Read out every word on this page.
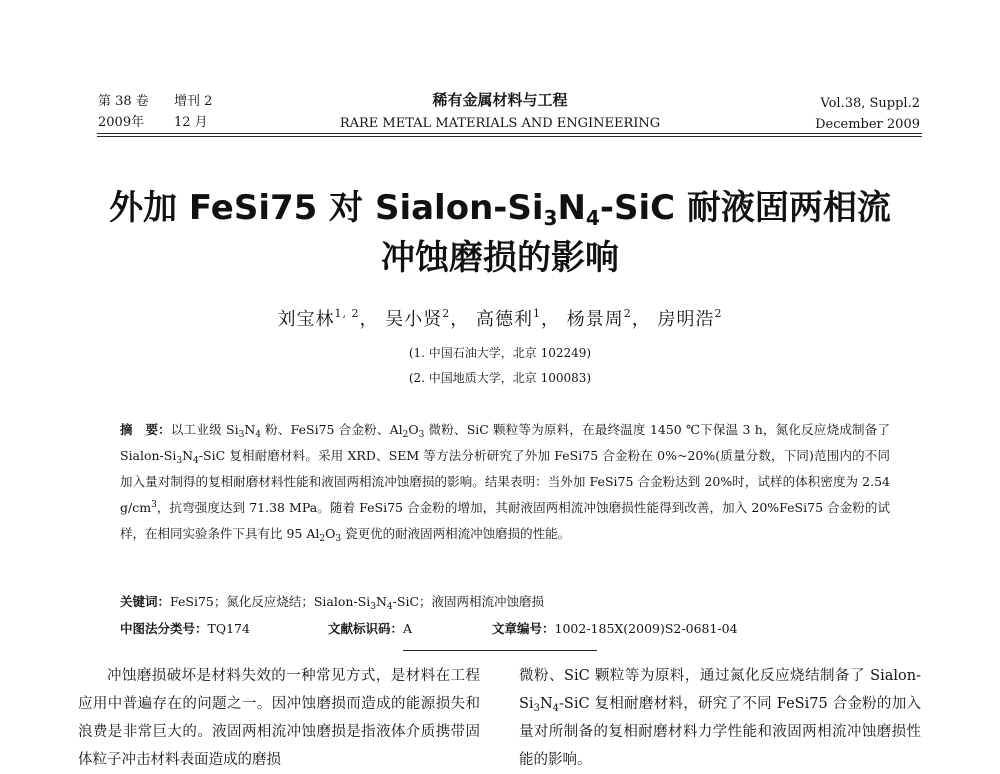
第 38 卷 增刊 2
2009年 12 月
稀有金属材料与工程
RARE METAL MATERIALS AND ENGINEERING
Vol.38, Suppl.2
December 2009
外加 FeSi75 对 Sialon-$Si_3N_4$-SiC 耐液固两相流
冲蚀磨损的影响
刘宝林$^{1, 2}$， 吴小贤$^2$， 高德利$^1$， 杨景周$^2$， 房明浩$^2$
(1. 中国石油大学，北京 102249)
(2. 中国地质大学，北京 100083)
摘　要：以工业级 $Si_3N_4$ 粉、FeSi75 合金粉、$Al_2O_3$ 微粉、SiC 颗粒等为原料，在最终温度 1450 ℃下保温 3 h，氮化反应烧成制备了 Sialon-$Si_3N_4$-SiC 复相耐磨材料。采用 XRD、SEM 等方法分析研究了外加 FeSi75 合金粉在 0%~20%(质量分数，下同)范围内的不同加入量对制得的复相耐磨材料性能和液固两相流冲蚀磨损的影响。结果表明：当外加 FeSi75 合金粉达到 20%时，试样的体积密度为 2.54 $g/cm^3$，抗弯强度达到 71.38 MPa。随着 FeSi75 合金粉的增加，其耐液固两相流冲蚀磨损性能得到改善，加入 20%FeSi75 合金粉的试样，在相同实验条件下具有比 95 $Al_2O_3$ 瓷更优的耐液固两相流冲蚀磨损的性能。
关键词：FeSi75；氮化反应烧结；Sialon-$Si_3N_4$-SiC；液固两相流冲蚀磨损
中图法分类号：TQ174	文献标识码：A	文章编号：1002-185X(2009)S2-0681-04

冲蚀磨损破坏是材料失效的一种常见方式，是材料在工程应用中普遍存在的问题之一。因冲蚀磨损而造成的能源损失和浪费是非常巨大的。液固两相流冲蚀磨损是指液体介质携带固体粒子冲击材料表面造成的磨损

微粉、SiC 颗粒等为原料，通过氮化反应烧结制备了 Sialon-$Si_3N_4$-SiC 复相耐磨材料，研究了不同 FeSi75 合金粉的加入量对所制备的复相耐磨材料力学性能和液固两相流冲蚀磨损性能的影响。
